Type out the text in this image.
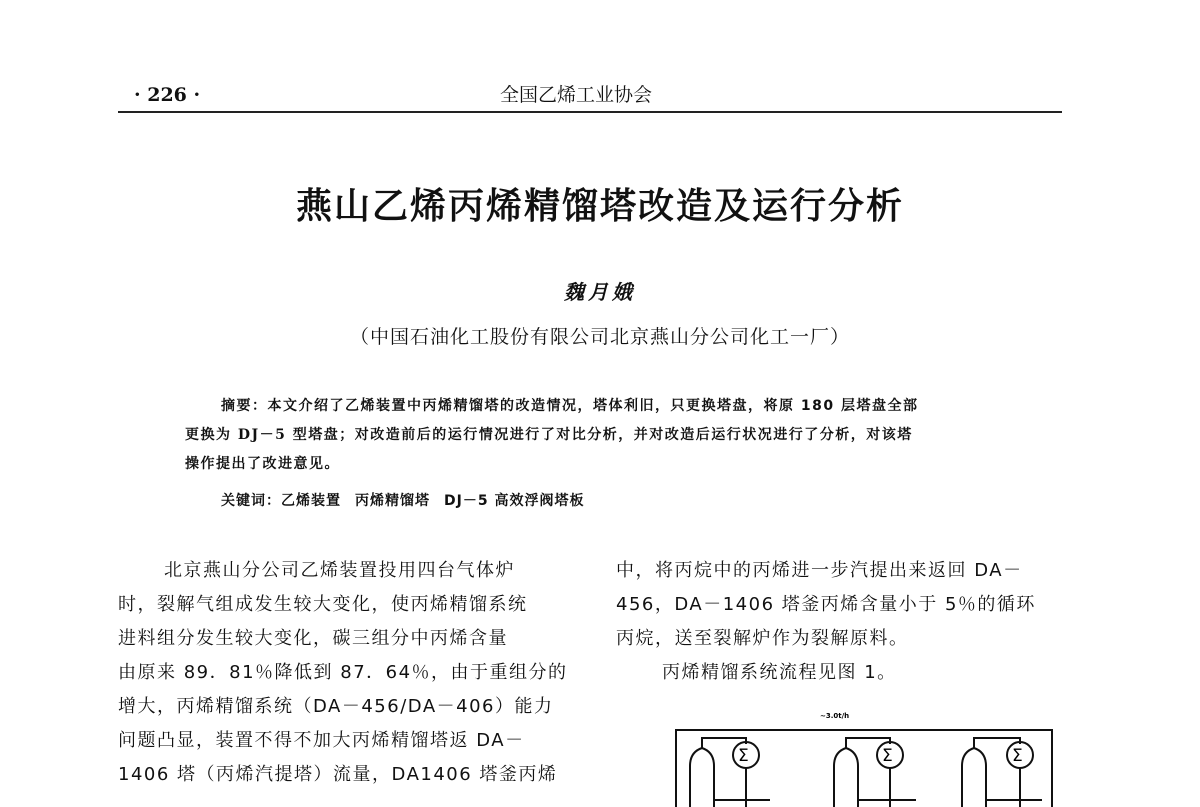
· 226 ·	全国乙烯工业协会
燕山乙烯丙烯精馏塔改造及运行分析
魏月娥
（中国石油化工股份有限公司北京燕山分公司化工一厂）

摘要：本文介绍了乙烯装置中丙烯精馏塔的改造情况，塔体利旧，只更换塔盘，将原 180 层塔盘全部

更换为 DJ－5 型塔盘；对改造前后的运行情况进行了对比分析，并对改造后运行状况进行了分析，对该塔

操作提出了改进意见。

关键词：乙烯装置 丙烯精馏塔 DJ－5 高效浮阀塔板
北京燕山分公司乙烯装置投用四台气体炉
时，裂解气组成发生较大变化，使丙烯精馏系统
进料组分发生较大变化，碳三组分中丙烯含量
由原来 89．81％降低到 87．64％，由于重组分的
增大，丙烯精馏系统（DA－456/DA－406）能力
问题凸显，装置不得不加大丙烯精馏塔返 DA－
1406 塔（丙烯汽提塔）流量，DA1406 塔釜丙烯
中，将丙烷中的丙烯进一步汽提出来返回 DA－
456，DA－1406 塔釜丙烯含量小于 5％的循环
丙烷，送至裂解炉作为裂解原料。
丙烯精馏系统流程见图 1。
~3.0t/h
Σ	Σ	Σ
